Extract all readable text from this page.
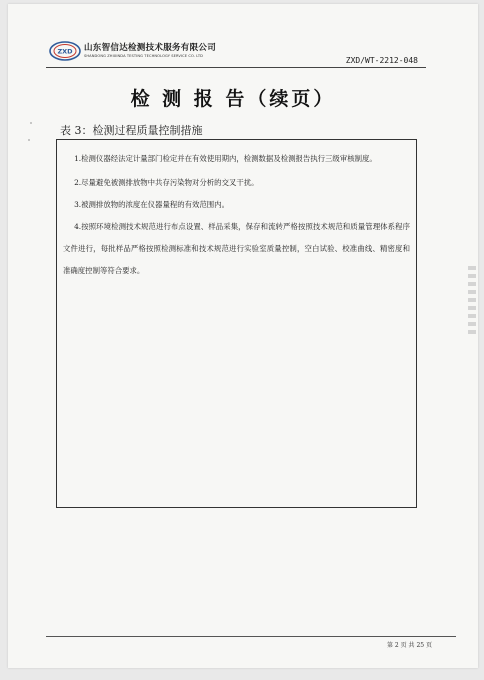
ZXD 山东智信达检测技术服务有限公司
SHANDONG ZHIXINDA TESTING TECHNOLOGY SERVICE CO. LTD	ZXD/WT-2212-048
检 测 报 告（续页）
表 3：检测过程质量控制措施

1.检测仪器经法定计量部门检定并在有效使用期内，检测数据及检测报告执行三级审核制度。

2.尽量避免被测排放物中共存污染物对分析的交叉干扰。

3.被测排放物的浓度在仪器量程的有效范围内。

4.按照环境检测技术规范进行布点设置、样品采集，保存和流转严格按照技术规范和质量管理体系程序文件进行，每批样品严格按照检测标准和技术规范进行实验室质量控制，空白试验、校准曲线、精密度和准确度控制等符合要求。

第 2 页 共 25 页
